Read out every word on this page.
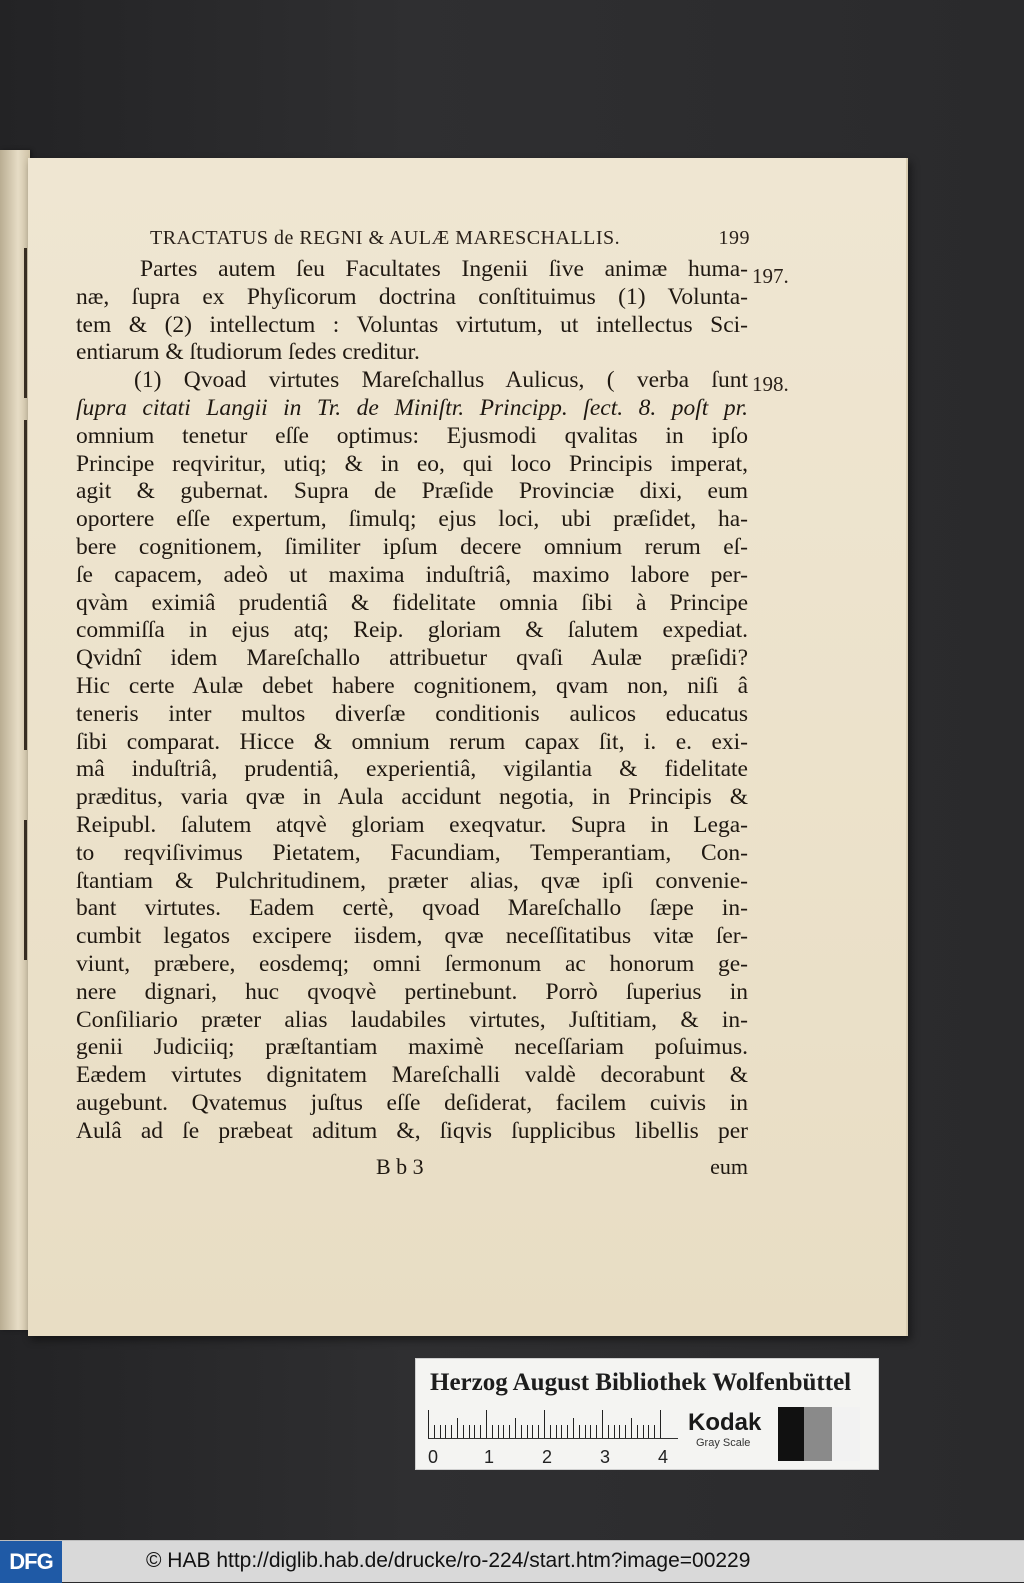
TRACTATUS de REGNI & AULÆ MARESCHALLIS.	199
197.
198.
Partes autem ſeu Facultates Ingenii ſive animæ huma-
næ, ſupra ex Phyſicorum doctrina conſtituimus (1) Volunta-
tem & (2) intellectum : Voluntas virtutum, ut intellectus Sci-
entiarum & ſtudiorum ſedes creditur.
(1) Qvoad virtutes Mareſchallus Aulicus, ( verba ſunt
ſupra citati Langii in Tr. de Miniſtr. Principp. ſect. 8. poſt pr.
omnium tenetur eſſe optimus: Ejusmodi qvalitas in ipſo
Principe reqviritur, utiq; & in eo, qui loco Principis imperat,
agit & gubernat. Supra de Præſide Provinciæ dixi, eum
oportere eſſe expertum, ſimulq; ejus loci, ubi præſidet, ha-
bere cognitionem, ſimiliter ipſum decere omnium rerum eſ-
ſe capacem, adeò ut maxima induſtriâ, maximo labore per-
qvàm eximiâ prudentiâ & fidelitate omnia ſibi à Principe
commiſſa in ejus atq; Reip. gloriam & ſalutem expediat.
Qvidnî idem Mareſchallo attribuetur qvaſi Aulæ præſidi?
Hic certe Aulæ debet habere cognitionem, qvam non, niſi â
teneris inter multos diverſæ conditionis aulicos educatus
ſibi comparat. Hicce & omnium rerum capax ſit, i. e. exi-
mâ induſtriâ, prudentiâ, experientiâ, vigilantia & fidelitate
præditus, varia qvæ in Aula accidunt negotia, in Principis &
Reipubl. ſalutem atqvè gloriam exeqvatur. Supra in Lega-
to reqviſivimus Pietatem, Facundiam, Temperantiam, Con-
ſtantiam & Pulchritudinem, præter alias, qvæ ipſi convenie-
bant virtutes. Eadem certè, qvoad Mareſchallo ſæpe in-
cumbit legatos excipere iisdem, qvæ neceſſitatibus vitæ ſer-
viunt, præbere, eosdemq; omni ſermonum ac honorum ge-
nere dignari, huc qvoqvè pertinebunt. Porrò ſuperius in
Conſiliario præter alias laudabiles virtutes, Juſtitiam, & in-
genii Judiciiq; præſtantiam maximè neceſſariam poſuimus.
Eædem virtutes dignitatem Mareſchalli valdè decorabunt &
augebunt. Qvatemus juſtus eſſe deſiderat, facilem cuivis in
Aulâ ad ſe præbeat aditum &, ſiqvis ſupplicibus libellis per
B b 3	eum
Herzog August Bibliothek Wolfenbüttel
0	1	2	3	4
Kodak
Gray Scale
DFG	© HAB http://diglib.hab.de/drucke/ro-224/start.htm?image=00229
